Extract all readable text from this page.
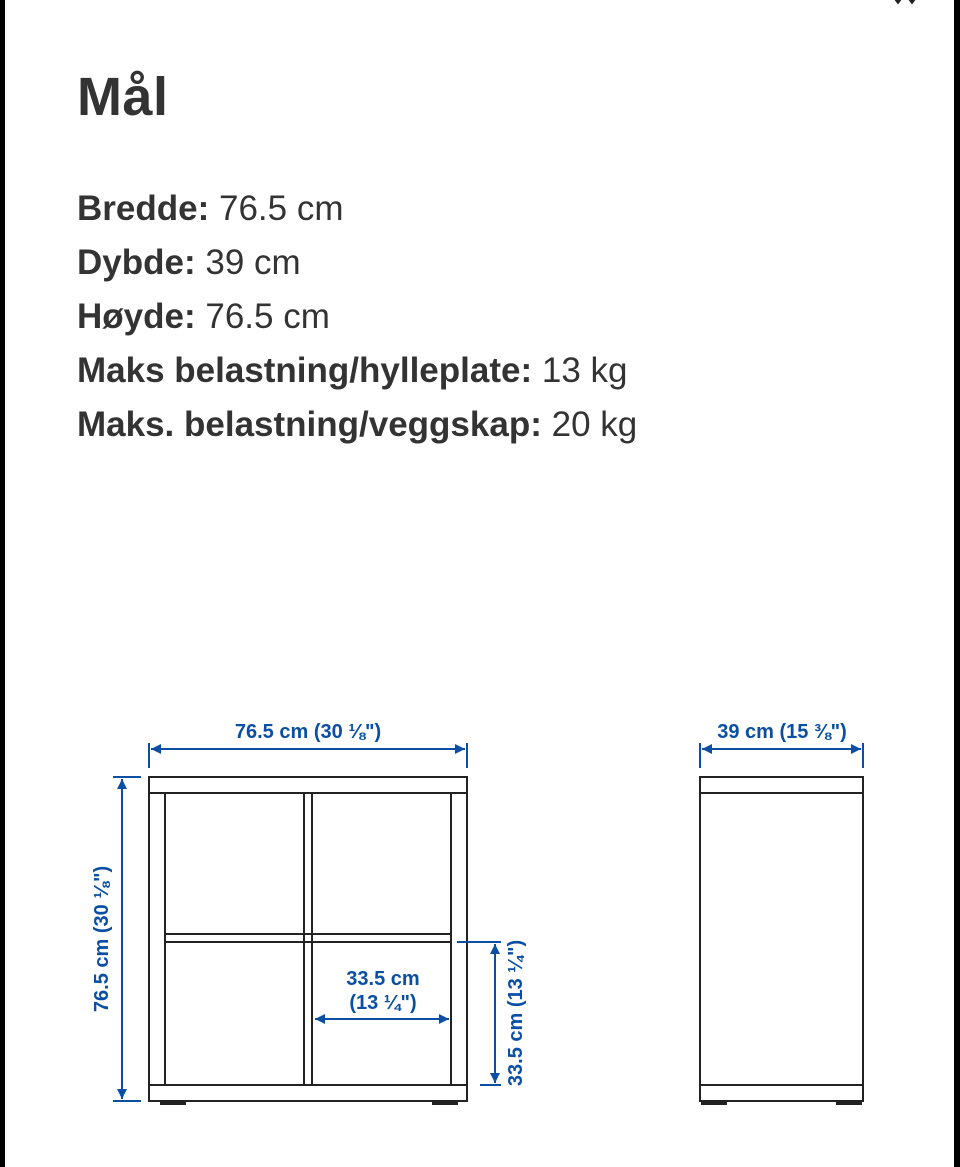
Mål
Bredde: 76.5 cm
Dybde: 39 cm
Høyde: 76.5 cm
Maks belastning/hylleplate: 13 kg
Maks. belastning/veggskap: 20 kg
76.5 cm (30 ⅛")
76.5 cm (30 ⅛")	33.5 cm
(13 ¼")	33.5 cm (13 ¼")
39 cm (15 ⅜")
